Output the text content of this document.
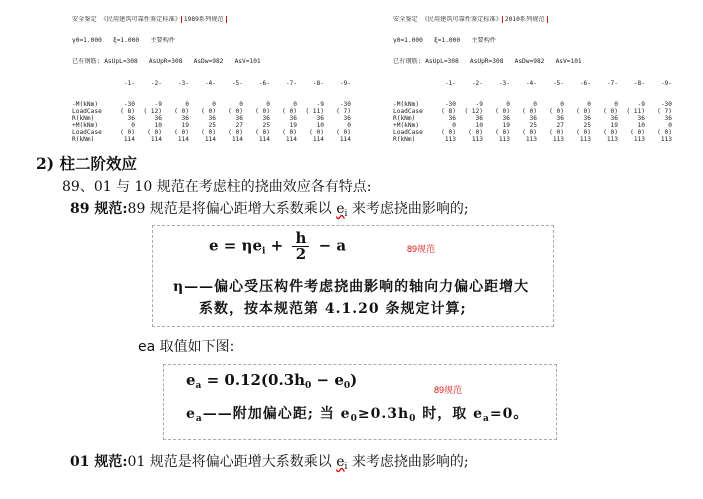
安全鉴定 《民用建筑可靠性鉴定标准》 1989系列规范

γ0=1.000   ξ=1.000   主要构件

已有钢筋: AsUpL=308   AsUpR=308   AsDw=982   AsV=101

-1-	-2-	-3-	-4-	-5-	-6-	-7-	-8-	-9-

-M(kNm)	-30	-9	0	0	0	0	0	-9	-30
LoadCase	( 8) ( 12) ( 0) ( 0) ( 0) ( 0) ( 0) ( 11) ( 7)
R(kNm)	36	36	36	36	36	36	36	36	36
+M(kNm)	0	10	19	25	27	25	19	10	0
LoadCase	( 0) ( 0) ( 0) ( 0) ( 0) ( 0) ( 0) ( 0) ( 0)
R(kNm)	114	114	114	114	114	114	114	114	114

安全鉴定 《民用建筑可靠性鉴定标准》 2010系列规范

γ0=1.000   ξ=1.000   主要构件

已有钢筋: AsUpL=308   AsUpR=308   AsDw=982   AsV=101

-1-	-2-	-3-	-4-	-5-	-6-	-7-	-8-	-9-

-M(kNm)	-30	-9	0	0	0	0	0	-9	-30
LoadCase	( 8) ( 12) ( 0) ( 0) ( 0) ( 0) ( 0) ( 11) ( 7)
R(kNm)	36	36	36	36	36	36	36	36	36
+M(kNm)	0	10	19	25	27	25	19	10	0
LoadCase	( 0) ( 0) ( 0) ( 0) ( 0) ( 0) ( 0) ( 0) ( 0)
R(kNm)	113	113	113	113	113	113	113	113	113

2) 柱二阶效应
89、01 与 10 规范在考虑柱的挠曲效应各有特点:
89 规范:89 规范是将偏心距增大系数乘以 $e_i$ 来考虑挠曲影响的;
$e = \eta e_i + \frac{h}{2} - a$	89规范
η——偏心受压构件考虑挠曲影响的轴向力偏心距增大
系数，按本规范第 4.1.20 条规定计算;
ea 取值如下图:
$e_a = 0.12(0.3h_0 - e_0)$
89规范
$e_a——$附加偏心距; 当 $e_0\ge 0.3h_0$ 时，取 $e_a=0$。
01 规范:01 规范是将偏心距增大系数乘以 $e_i$ 来考虑挠曲影响的;
